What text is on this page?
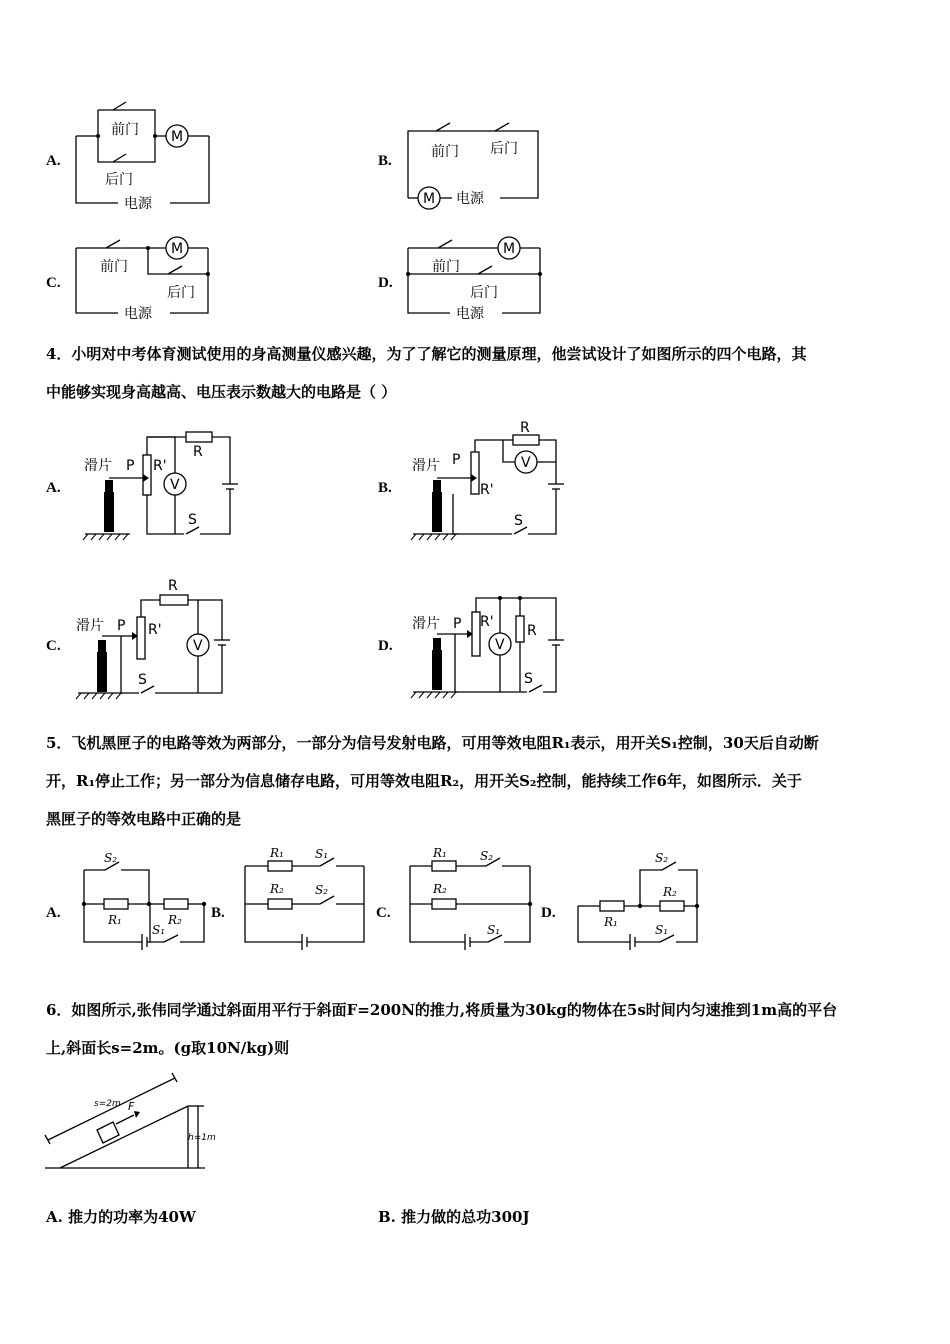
A.
前门
后门
电源
M
前门 后门
电源
M
前门
后门
电源
M
前门
后门
电源
M
B.
C.	D.
4．小明对中考体育测试使用的身高测量仪感兴趣，为了了解它的测量原理，他尝试设计了如图所示的四个电路，其
中能够实现身高越高、电压表示数越大的电路是（ ）
A.	B.
C.	D.
滑片 P R'
R
V
S
滑片 P
R'
R
V
S
滑片 P R'
R
V
S
滑片 P R'
R
V
S
5．飞机黑匣子的电路等效为两部分，一部分为信号发射电路，可用等效电阻R₁表示，用开关S₁控制，30天后自动断
开，R₁停止工作；另一部分为信息储存电路，可用等效电阻R₂，用开关S₂控制，能持续工作6年，如图所示．关于
黑匣子的等效电路中正确的是
A.	B.	C.	D.
S₂
R₁	R₂
S₁
R₁	S₁
R₂	S₂
R₁	S₂
R₂
S₁
S₂
R₂
R₁
S₁
6．如图所示,张伟同学通过斜面用平行于斜面F=200N的推力,将质量为30kg的物体在5s时间内匀速推到1m高的平台
上,斜面长s=2m。(g取10N/kg)则
s=2m F
h=1m
A. 推力的功率为40W	B. 推力做的总功300J
